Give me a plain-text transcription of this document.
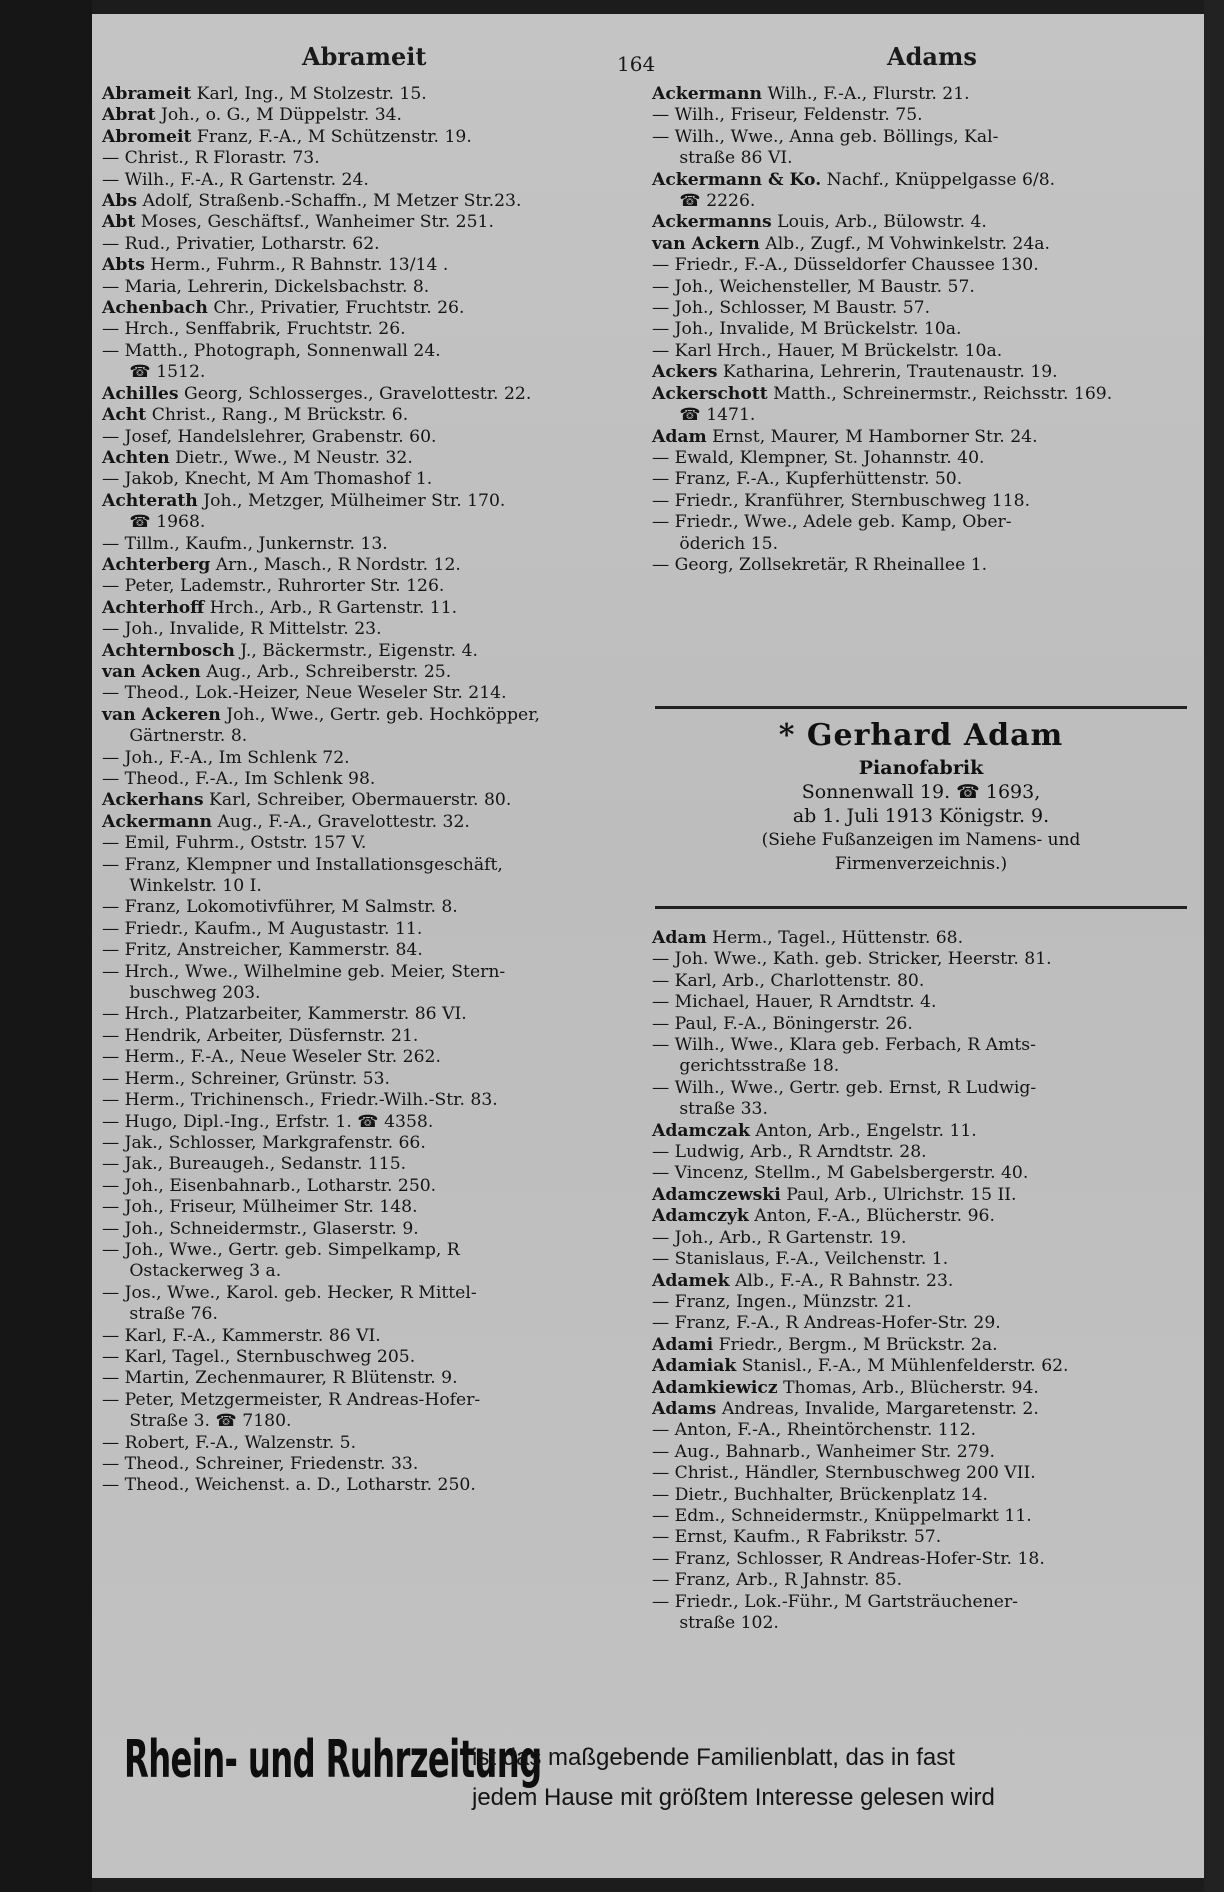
Abrameit	164	Adams
Abrameit Karl, Ing., M Stolzestr. 15.
Abrat Joh., o. G., M Düppelstr. 34.
Abromeit Franz, F.-A., M Schützenstr. 19.
— Christ., R Florastr. 73.
— Wilh., F.-A., R Gartenstr. 24.
Abs Adolf, Straßenb.-Schaffn., M Metzer Str.23.
Abt Moses, Geschäftsf., Wanheimer Str. 251.
— Rud., Privatier, Lotharstr. 62.
Abts Herm., Fuhrm., R Bahnstr. 13/14 .
— Maria, Lehrerin, Dickelsbachstr. 8.
Achenbach Chr., Privatier, Fruchtstr. 26.
— Hrch., Senffabrik, Fruchtstr. 26.
— Matth., Photograph, Sonnenwall 24.
☎ 1512.
Achilles Georg, Schlosserges., Gravelottestr. 22.
Acht Christ., Rang., M Brückstr. 6.
— Josef, Handelslehrer, Grabenstr. 60.
Achten Dietr., Wwe., M Neustr. 32.
— Jakob, Knecht, M Am Thomashof 1.
Achterath Joh., Metzger, Mülheimer Str. 170.
☎ 1968.
— Tillm., Kaufm., Junkernstr. 13.
Achterberg Arn., Masch., R Nordstr. 12.
— Peter, Lademstr., Ruhrorter Str. 126.
Achterhoff Hrch., Arb., R Gartenstr. 11.
— Joh., Invalide, R Mittelstr. 23.
Achternbosch J., Bäckermstr., Eigenstr. 4.
van Acken Aug., Arb., Schreiberstr. 25.
— Theod., Lok.-Heizer, Neue Weseler Str. 214.
van Ackeren Joh., Wwe., Gertr. geb. Hochköpper,
Gärtnerstr. 8.
— Joh., F.-A., Im Schlenk 72.
— Theod., F.-A., Im Schlenk 98.
Ackerhans Karl, Schreiber, Obermauerstr. 80.
Ackermann Aug., F.-A., Gravelottestr. 32.
— Emil, Fuhrm., Oststr. 157 V.
— Franz, Klempner und Installationsgeschäft,
Winkelstr. 10 I.
— Franz, Lokomotivführer, M Salmstr. 8.
— Friedr., Kaufm., M Augustastr. 11.
— Fritz, Anstreicher, Kammerstr. 84.
— Hrch., Wwe., Wilhelmine geb. Meier, Stern-
buschweg 203.
— Hrch., Platzarbeiter, Kammerstr. 86 VI.
— Hendrik, Arbeiter, Düsfernstr. 21.
— Herm., F.-A., Neue Weseler Str. 262.
— Herm., Schreiner, Grünstr. 53.
— Herm., Trichinensch., Friedr.-Wilh.-Str. 83.
— Hugo, Dipl.-Ing., Erfstr. 1. ☎ 4358.
— Jak., Schlosser, Markgrafenstr. 66.
— Jak., Bureaugeh., Sedanstr. 115.
— Joh., Eisenbahnarb., Lotharstr. 250.
— Joh., Friseur, Mülheimer Str. 148.
— Joh., Schneidermstr., Glaserstr. 9.
— Joh., Wwe., Gertr. geb. Simpelkamp, R
Ostackerweg 3 a.
— Jos., Wwe., Karol. geb. Hecker, R Mittel-
straße 76.
— Karl, F.-A., Kammerstr. 86 VI.
— Karl, Tagel., Sternbuschweg 205.
— Martin, Zechenmaurer, R Blütenstr. 9.
— Peter, Metzgermeister, R Andreas-Hofer-
Straße 3. ☎ 7180.
— Robert, F.-A., Walzenstr. 5.
— Theod., Schreiner, Friedenstr. 33.
— Theod., Weichenst. a. D., Lotharstr. 250.
Ackermann Wilh., F.-A., Flurstr. 21.
— Wilh., Friseur, Feldenstr. 75.
— Wilh., Wwe., Anna geb. Böllings, Kal-
straße 86 VI.
Ackermann & Ko. Nachf., Knüppelgasse 6/8.
☎ 2226.
Ackermanns Louis, Arb., Bülowstr. 4.
van Ackern Alb., Zugf., M Vohwinkelstr. 24a.
— Friedr., F.-A., Düsseldorfer Chaussee 130.
— Joh., Weichensteller, M Baustr. 57.
— Joh., Schlosser, M Baustr. 57.
— Joh., Invalide, M Brückelstr. 10a.
— Karl Hrch., Hauer, M Brückelstr. 10a.
Ackers Katharina, Lehrerin, Trautenaustr. 19.
Ackerschott Matth., Schreinermstr., Reichsstr. 169.
☎ 1471.
Adam Ernst, Maurer, M Hamborner Str. 24.
— Ewald, Klempner, St. Johannstr. 40.
— Franz, F.-A., Kupferhüttenstr. 50.
— Friedr., Kranführer, Sternbuschweg 118.
— Friedr., Wwe., Adele geb. Kamp, Ober-
öderich 15.
— Georg, Zollsekretär, R Rheinallee 1.
* Gerhard Adam
Pianofabrik
Sonnenwall 19. ☎ 1693,
ab 1. Juli 1913 Königstr. 9.
(Siehe Fußanzeigen im Namens- und
Firmenverzeichnis.)
Adam Herm., Tagel., Hüttenstr. 68.
— Joh. Wwe., Kath. geb. Stricker, Heerstr. 81.
— Karl, Arb., Charlottenstr. 80.
— Michael, Hauer, R Arndtstr. 4.
— Paul, F.-A., Böningerstr. 26.
— Wilh., Wwe., Klara geb. Ferbach, R Amts-
gerichtsstraße 18.
— Wilh., Wwe., Gertr. geb. Ernst, R Ludwig-
straße 33.
Adamczak Anton, Arb., Engelstr. 11.
— Ludwig, Arb., R Arndtstr. 28.
— Vincenz, Stellm., M Gabelsbergerstr. 40.
Adamczewski Paul, Arb., Ulrichstr. 15 II.
Adamczyk Anton, F.-A., Blücherstr. 96.
— Joh., Arb., R Gartenstr. 19.
— Stanislaus, F.-A., Veilchenstr. 1.
Adamek Alb., F.-A., R Bahnstr. 23.
— Franz, Ingen., Münzstr. 21.
— Franz, F.-A., R Andreas-Hofer-Str. 29.
Adami Friedr., Bergm., M Brückstr. 2a.
Adamiak Stanisl., F.-A., M Mühlenfelderstr. 62.
Adamkiewicz Thomas, Arb., Blücherstr. 94.
Adams Andreas, Invalide, Margaretenstr. 2.
— Anton, F.-A., Rheintörchenstr. 112.
— Aug., Bahnarb., Wanheimer Str. 279.
— Christ., Händler, Sternbuschweg 200 VII.
— Dietr., Buchhalter, Brückenplatz 14.
— Edm., Schneidermstr., Knüppelmarkt 11.
— Ernst, Kaufm., R Fabrikstr. 57.
— Franz, Schlosser, R Andreas-Hofer-Str. 18.
— Franz, Arb., R Jahnstr. 85.
— Friedr., Lok.-Führ., M Gartsträuchener-
straße 102.
Rhein- und Ruhrzeitung
ist das maßgebende Familienblatt, das in fast
jedem Hause mit größtem Interesse gelesen wird
